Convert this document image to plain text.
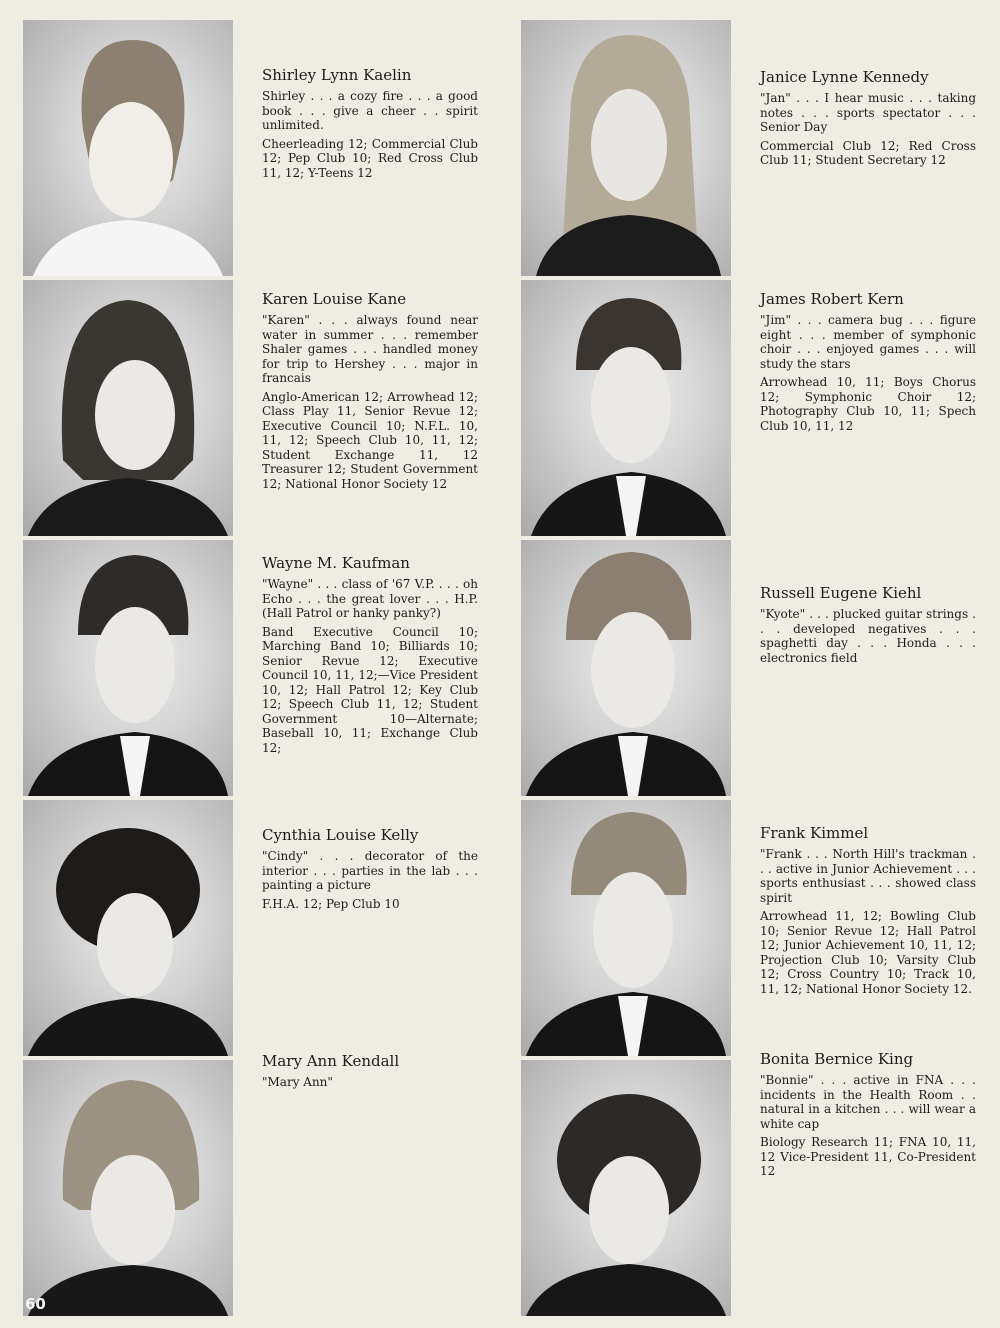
Shirley Lynn Kaelin
Shirley . . . a cozy fire . . . a good book . . . give a cheer . . spirit unlimited.
Cheerleading 12; Commercial Club 12; Pep Club 10; Red Cross Club 11, 12; Y-Teens 12
Janice Lynne Kennedy
"Jan" . . . I hear music . . . taking notes . . . sports spectator . . . Senior Day
Commercial Club 12; Red Cross Club 11; Student Secretary 12
Karen Louise Kane
"Karen" . . . always found near water in summer . . . remember Shaler games . . . handled money for trip to Hershey . . . major in francais
Anglo-American 12; Arrowhead 12; Class Play 11, Senior Revue 12; Executive Council 10; N.F.L. 10, 11, 12; Speech Club 10, 11, 12; Student Exchange 11, 12 Treasurer 12; Student Government 12; National Honor Society 12
James Robert Kern
"Jim" . . . camera bug . . . figure eight . . . member of symphonic choir . . . enjoyed games . . . will study the stars
Arrowhead 10, 11; Boys Chorus 12; Symphonic Choir 12; Photography Club 10, 11; Spech Club 10, 11, 12
Wayne M. Kaufman
"Wayne" . . . class of '67 V.P. . . . oh Echo . . . the great lover . . . H.P. (Hall Patrol or hanky panky?)
Band Executive Council 10; Marching Band 10; Billiards 10; Senior Revue 12; Executive Council 10, 11, 12;—Vice President 10, 12; Hall Patrol 12; Key Club 12; Speech Club 11, 12; Student Government 10—Alternate; Baseball 10, 11; Exchange Club 12;
Russell Eugene Kiehl
"Kyote" . . . plucked guitar strings . . . developed negatives . . . spaghetti day . . . Honda . . . electronics field
Cynthia Louise Kelly
"Cindy" . . . decorator of the interior . . . parties in the lab . . . painting a picture
F.H.A. 12; Pep Club 10
Frank Kimmel
"Frank . . . North Hill's trackman . . . active in Junior Achievement . . . sports enthusiast . . . showed class spirit
Arrowhead 11, 12; Bowling Club 10; Senior Revue 12; Hall Patrol 12; Junior Achievement 10, 11, 12; Projection Club 10; Varsity Club 12; Cross Country 10; Track 10, 11, 12; National Honor Society 12.
Mary Ann Kendall
"Mary Ann"
Bonita Bernice King
"Bonnie" . . . active in FNA . . . incidents in the Health Room . . natural in a kitchen . . . will wear a white cap
Biology Research 11; FNA 10, 11, 12 Vice-President 11, Co-President 12
60
